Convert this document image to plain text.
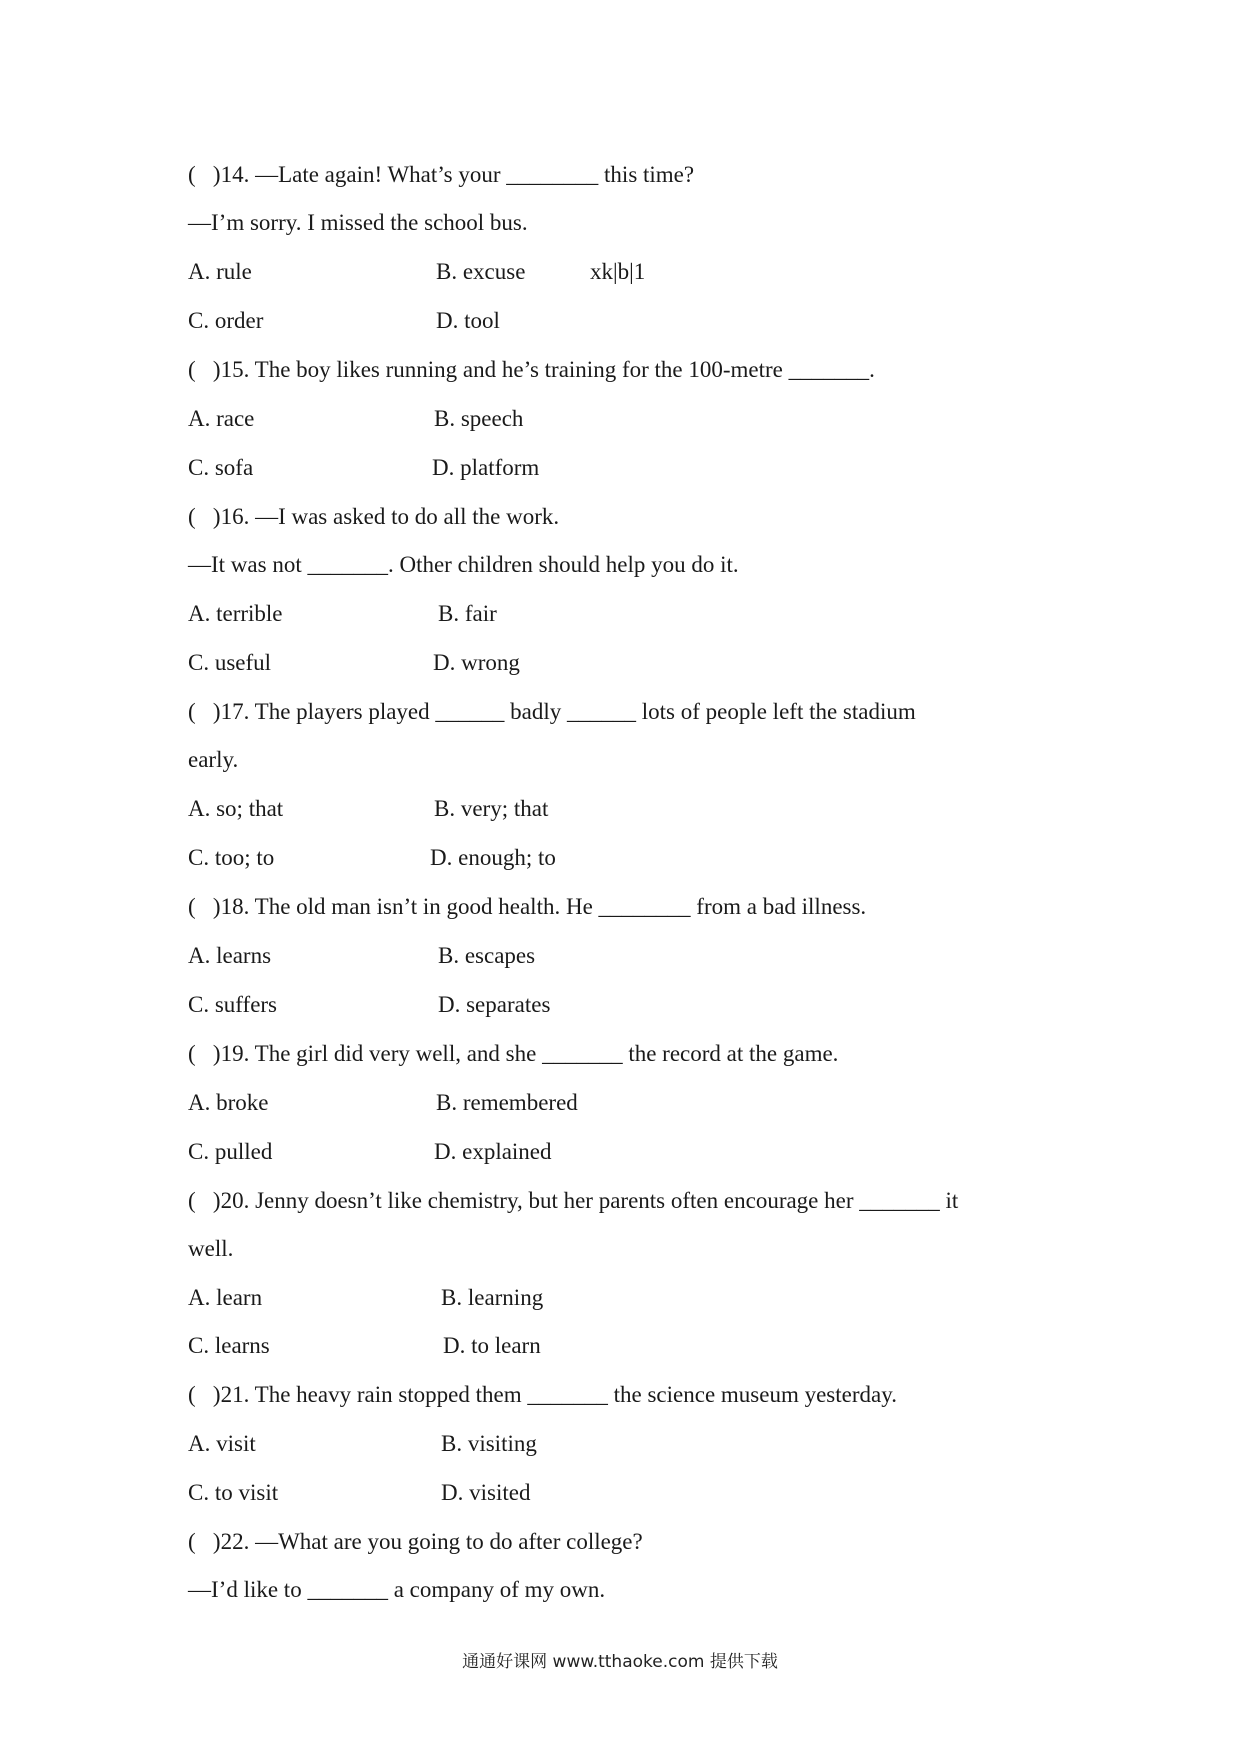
(   )14. —Late again! What’s your ________ this time?
—I’m sorry. I missed the school bus.
A. rule	B. excuse	xk|b|1
C. order	D. tool
(   )15. The boy likes running and he’s training for the 100-metre _______.
A. race	B. speech
C. sofa	D. platform
(   )16. —I was asked to do all the work.
—It was not _______. Other children should help you do it.
A. terrible	B. fair
C. useful	D. wrong
(   )17. The players played ______ badly ______ lots of people left the stadium
early.
A. so; that	B. very; that
C. too; to	D. enough; to
(   )18. The old man isn’t in good health. He ________ from a bad illness.
A. learns	B. escapes
C. suffers	D. separates
(   )19. The girl did very well, and she _______ the record at the game.
A. broke	B. remembered
C. pulled	D. explained
(   )20. Jenny doesn’t like chemistry, but her parents often encourage her _______ it
well.
A. learn	B. learning
C. learns	D. to learn
(   )21. The heavy rain stopped them _______ the science museum yesterday.
A. visit	B. visiting
C. to visit	D. visited
(   )22. —What are you going to do after college?
—I’d like to _______ a company of my own.
通通好课网 www.tthaoke.com 提供下载
